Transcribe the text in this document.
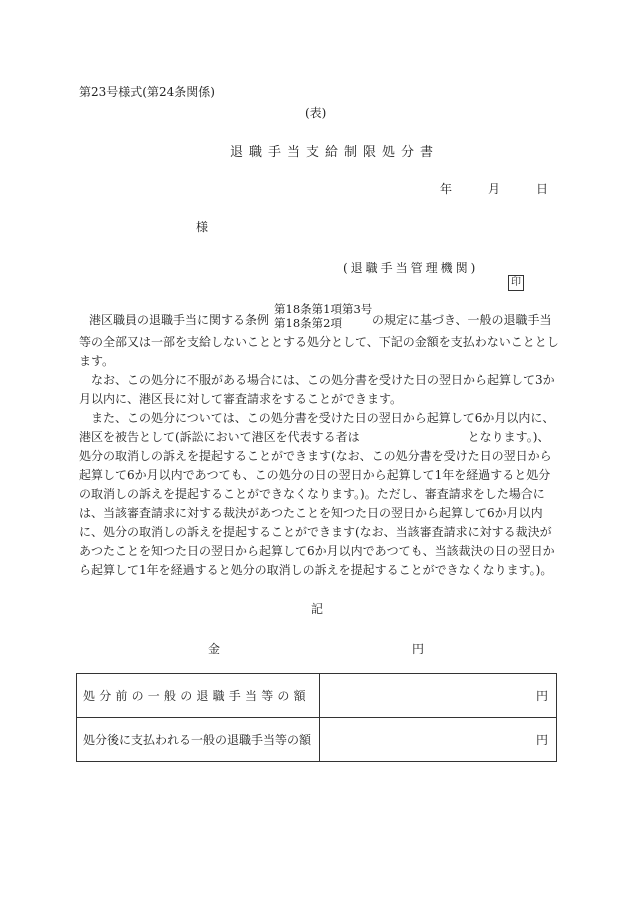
第23号様式(第24条関係)
(表)
退職手当支給制限処分書
年	月	日
様
(退職手当管理機関)
印
港区職員の退職手当に関する条例
第18条第1項第3号
第18条第2項	の規定に基づき、一般の退職手当

等の全部又は一部を支給しないこととする処分として、下記の金額を支払わないこととします。

なお、この処分に不服がある場合には、この処分書を受けた日の翌日から起算して3か月以内に、港区長に対して審査請求をすることができます。

また、この処分については、この処分書を受けた日の翌日から起算して6か月以内に、港区を被告として(訴訟において港区を代表する者は　　　　　　　　　となります。)、処分の取消しの訴えを提起することができます(なお、この処分書を受けた日の翌日から起算して6か月以内であつても、この処分の日の翌日から起算して1年を経過すると処分の取消しの訴えを提起することができなくなります。)。ただし、審査請求をした場合には、当該審査請求に対する裁決があつたことを知つた日の翌日から起算して6か月以内に、処分の取消しの訴えを提起することができます(なお、当該審査請求に対する裁決があつたことを知つた日の翌日から起算して6か月以内であつても、当該裁決の日の翌日から起算して1年を経過すると処分の取消しの訴えを提起することができなくなります。)。

記
金	円
処分前の一般の退職手当等の額	円
処分後に支払われる一般の退職手当等の額	円
